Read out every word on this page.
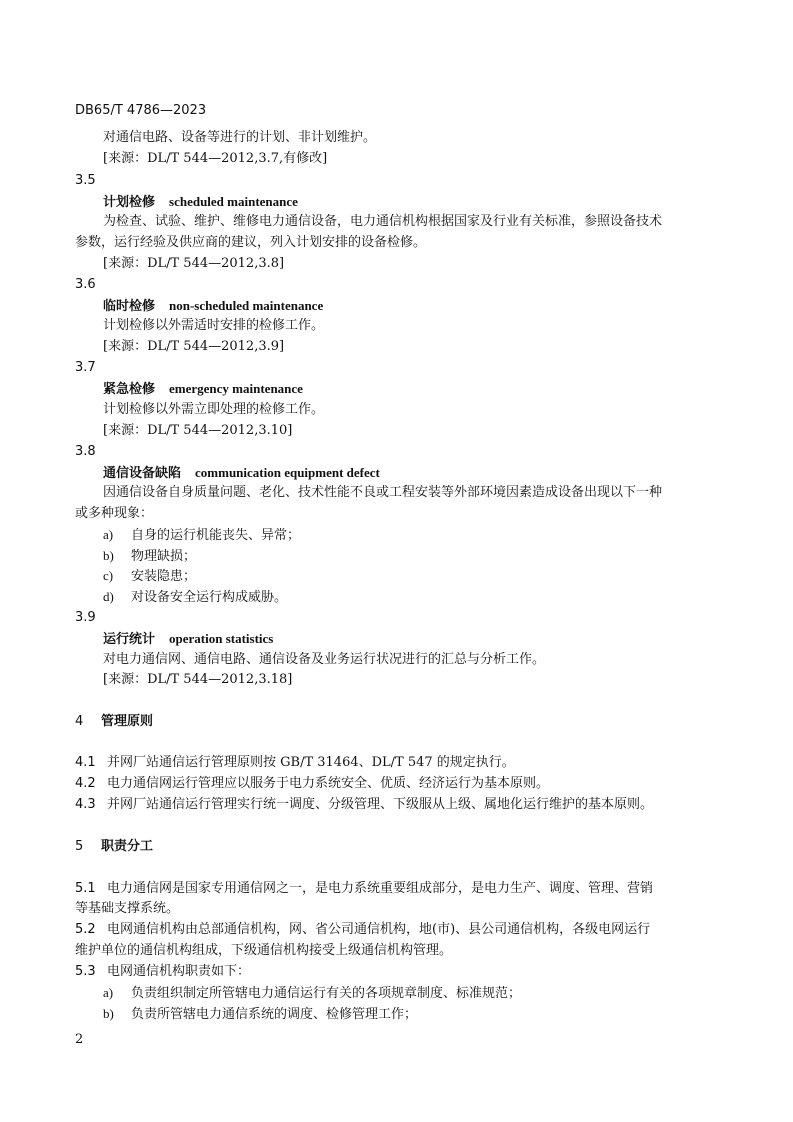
DB65/T 4786—2023
对通信电路、设备等进行的计划、非计划维护。
[来源：DL/T 544—2012,3.7,有修改]
3.5
计划检修 scheduled maintenance
为检查、试验、维护、维修电力通信设备，电力通信机构根据国家及行业有关标准，参照设备技术
参数，运行经验及供应商的建议，列入计划安排的设备检修。
[来源：DL/T 544—2012,3.8]
3.6
临时检修 non-scheduled maintenance
计划检修以外需适时安排的检修工作。
[来源：DL/T 544—2012,3.9]
3.7
紧急检修 emergency maintenance
计划检修以外需立即处理的检修工作。
[来源：DL/T 544—2012,3.10]
3.8
通信设备缺陷 communication equipment defect
因通信设备自身质量问题、老化、技术性能不良或工程安装等外部环境因素造成设备出现以下一种
或多种现象：
a) 自身的运行机能丧失、异常；
b) 物理缺损；
c) 安装隐患；
d) 对设备安全运行构成威胁。
3.9
运行统计 operation statistics
对电力通信网、通信电路、通信设备及业务运行状况进行的汇总与分析工作。
[来源：DL/T 544—2012,3.18]
4 管理原则
4.1 并网厂站通信运行管理原则按 GB/T 31464、DL/T 547 的规定执行。
4.2 电力通信网运行管理应以服务于电力系统安全、优质、经济运行为基本原则。
4.3 并网厂站通信运行管理实行统一调度、分级管理、下级服从上级、属地化运行维护的基本原则。
5 职责分工
5.1 电力通信网是国家专用通信网之一，是电力系统重要组成部分，是电力生产、调度、管理、营销
等基础支撑系统。
5.2 电网通信机构由总部通信机构，网、省公司通信机构，地(市)、县公司通信机构，各级电网运行
维护单位的通信机构组成，下级通信机构接受上级通信机构管理。
5.3 电网通信机构职责如下：
a) 负责组织制定所管辖电力通信运行有关的各项规章制度、标准规范；
b) 负责所管辖电力通信系统的调度、检修管理工作；
2
